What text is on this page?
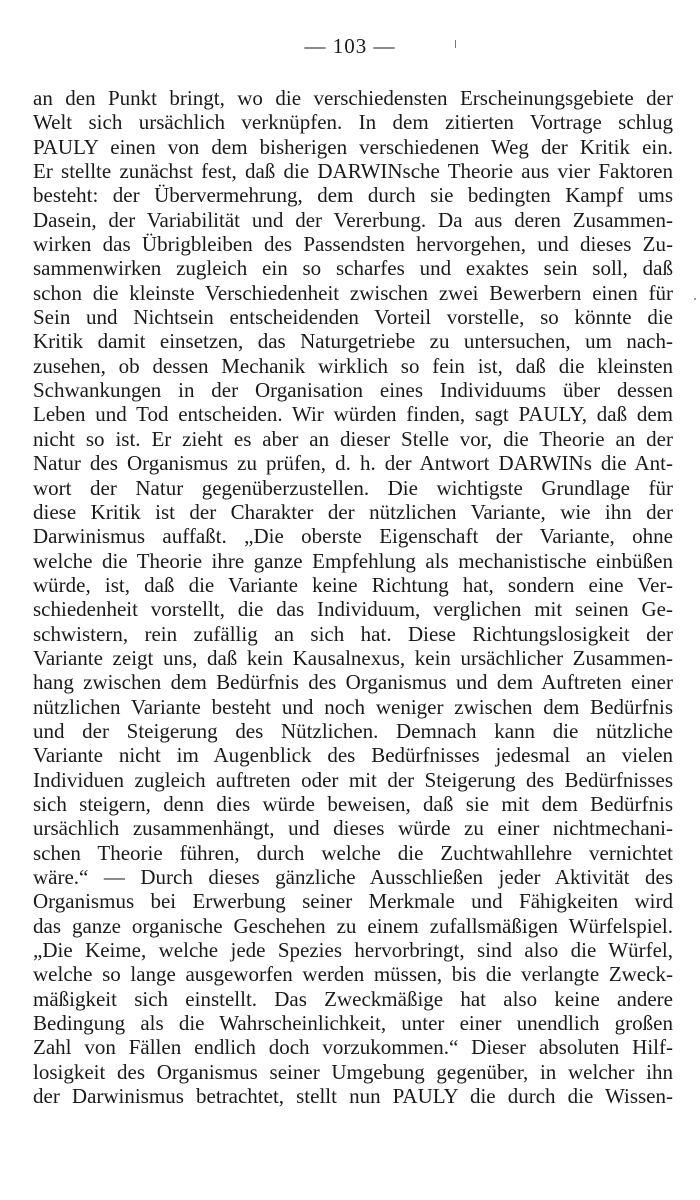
— 103 —
an den Punkt bringt, wo die verschiedensten Erscheinungsgebiete der
Welt sich ursächlich verknüpfen. In dem zitierten Vortrage schlug
PAULY einen von dem bisherigen verschiedenen Weg der Kritik ein.
Er stellte zunächst fest, daß die DARWINsche Theorie aus vier Faktoren
besteht: der Übervermehrung, dem durch sie bedingten Kampf ums
Dasein, der Variabilität und der Vererbung. Da aus deren Zusammen-
wirken das Übrigbleiben des Passendsten hervorgehen, und dieses Zu-
sammenwirken zugleich ein so scharfes und exaktes sein soll, daß
schon die kleinste Verschiedenheit zwischen zwei Bewerbern einen für
Sein und Nichtsein entscheidenden Vorteil vorstelle, so könnte die
Kritik damit einsetzen, das Naturgetriebe zu untersuchen, um nach-
zusehen, ob dessen Mechanik wirklich so fein ist, daß die kleinsten
Schwankungen in der Organisation eines Individuums über dessen
Leben und Tod entscheiden. Wir würden finden, sagt PAULY, daß dem
nicht so ist. Er zieht es aber an dieser Stelle vor, die Theorie an der
Natur des Organismus zu prüfen, d. h. der Antwort DARWINs die Ant-
wort der Natur gegenüberzustellen. Die wichtigste Grundlage für
diese Kritik ist der Charakter der nützlichen Variante, wie ihn der
Darwinismus auffaßt. „Die oberste Eigenschaft der Variante, ohne
welche die Theorie ihre ganze Empfehlung als mechanistische einbüßen
würde, ist, daß die Variante keine Richtung hat, sondern eine Ver-
schiedenheit vorstellt, die das Individuum, verglichen mit seinen Ge-
schwistern, rein zufällig an sich hat. Diese Richtungslosigkeit der
Variante zeigt uns, daß kein Kausalnexus, kein ursächlicher Zusammen-
hang zwischen dem Bedürfnis des Organismus und dem Auftreten einer
nützlichen Variante besteht und noch weniger zwischen dem Bedürfnis
und der Steigerung des Nützlichen. Demnach kann die nützliche
Variante nicht im Augenblick des Bedürfnisses jedesmal an vielen
Individuen zugleich auftreten oder mit der Steigerung des Bedürfnisses
sich steigern, denn dies würde beweisen, daß sie mit dem Bedürfnis
ursächlich zusammenhängt, und dieses würde zu einer nichtmechani-
schen Theorie führen, durch welche die Zuchtwahllehre vernichtet
wäre.“ — Durch dieses gänzliche Ausschließen jeder Aktivität des
Organismus bei Erwerbung seiner Merkmale und Fähigkeiten wird
das ganze organische Geschehen zu einem zufallsmäßigen Würfelspiel.
„Die Keime, welche jede Spezies hervorbringt, sind also die Würfel,
welche so lange ausgeworfen werden müssen, bis die verlangte Zweck-
mäßigkeit sich einstellt. Das Zweckmäßige hat also keine andere
Bedingung als die Wahrscheinlichkeit, unter einer unendlich großen
Zahl von Fällen endlich doch vorzukommen.“ Dieser absoluten Hilf-
losigkeit des Organismus seiner Umgebung gegenüber, in welcher ihn
der Darwinismus betrachtet, stellt nun PAULY die durch die Wissen-
